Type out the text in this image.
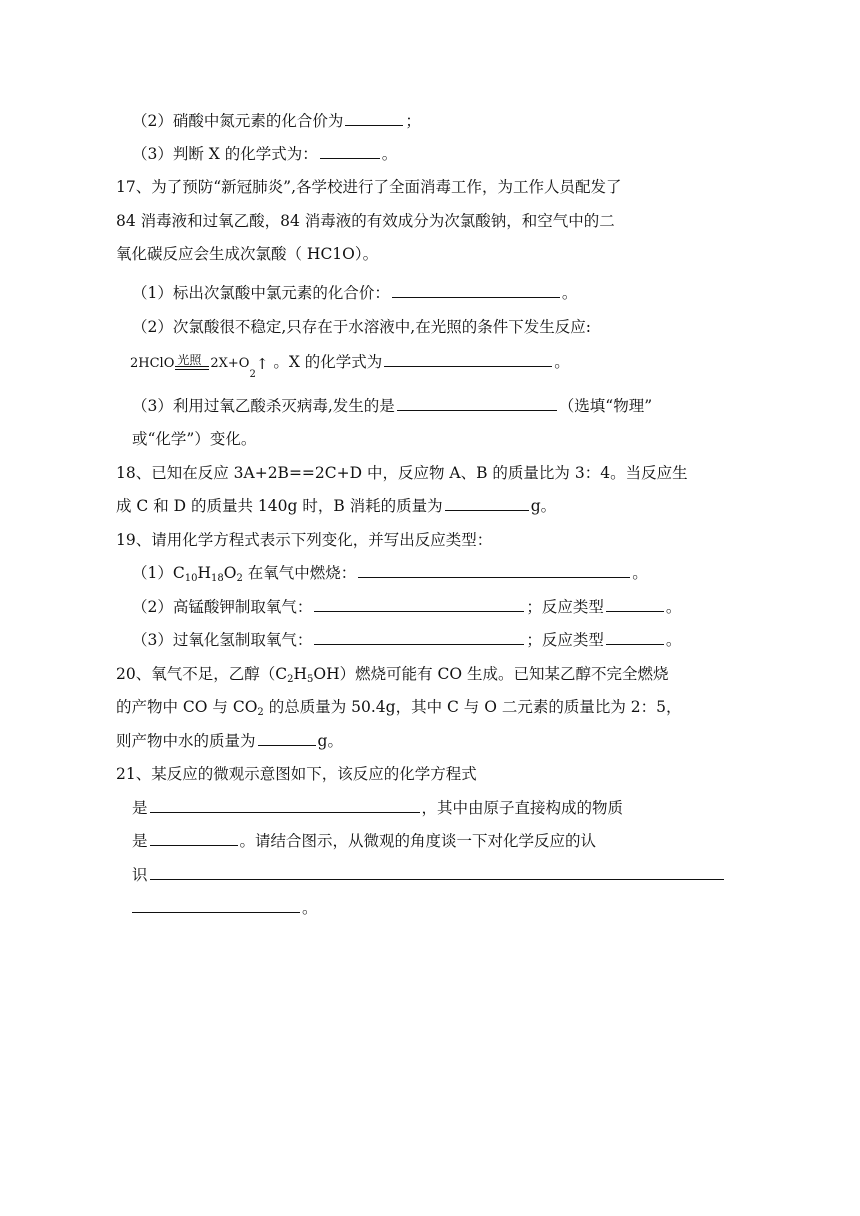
（2）硝酸中氮元素的化合价为	；
（3）判断 X 的化学式为：	。
17、为了预防“新冠肺炎”,各学校进行了全面消毒工作，为工作人员配发了
84 消毒液和过氧乙酸，84 消毒液的有效成分为次氯酸钠，和空气中的二
氧化碳反应会生成次氯酸（ HC1O）。
（1）标出次氯酸中氯元素的化合价：	。
（2）次氯酸很不稳定,只存在于水溶液中,在光照的条件下发生反应:
2HClO 光照 2X+O
2
↑ 。X 的化学式为	。
（3）利用过氧乙酸杀灭病毒,发生的是	（选填“物理”
或“化学”）变化。
18、已知在反应 3A+2B==2C+D 中，反应物 A、B 的质量比为 3：4。当反应生
成 C 和 D 的质量共 140g 时，B 消耗的质量为	g。
19、请用化学方程式表示下列变化，并写出反应类型：
$(1)C_{10}H_{18}O_2$ 在氧气中燃烧：	。
（2）高锰酸钾制取氧气：	；反应类型	。
（3）过氧化氢制取氧气：	；反应类型	。
20、氧气不足，乙醇$(C_2H_5OH)$燃烧可能有 CO 生成。已知某乙醇不完全燃烧
的产物中 CO 与 $CO_2$ 的总质量为 50.4g，其中 C 与 O 二元素的质量比为 2：5，
则产物中水的质量为	g。
21、某反应的微观示意图如下，该反应的化学方程式
是	，其中由原子直接构成的物质
是	。请结合图示，从微观的角度谈一下对化学反应的认
识
。
